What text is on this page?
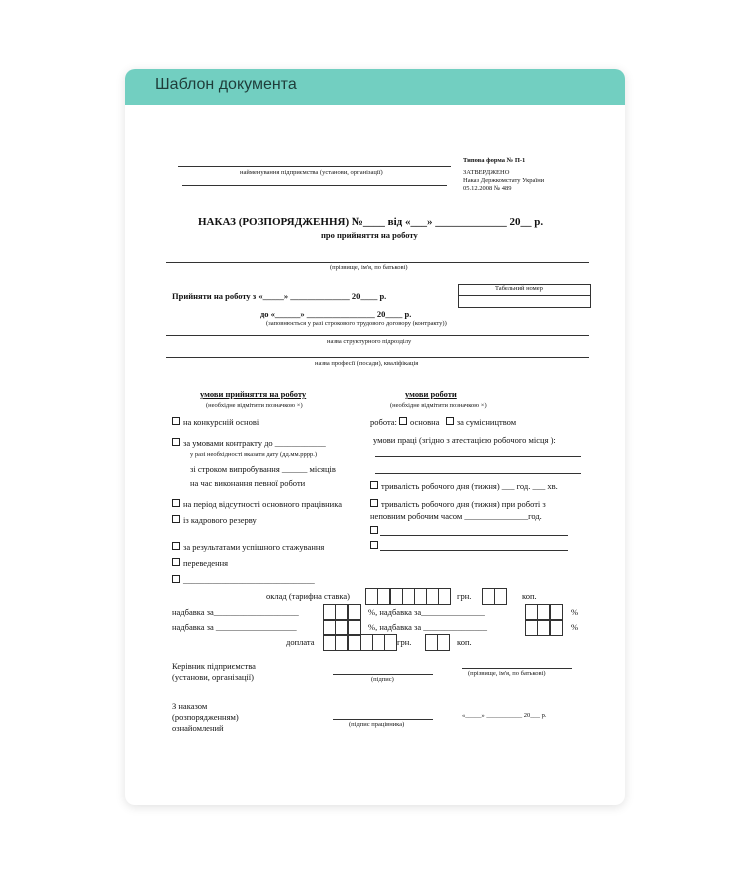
Шаблон документа
найменування підприємства (установи, організації)
Типова форма № П-1
ЗАТВЕРДЖЕНО
Наказ Держкомстату України
05.12.2008 № 489
НАКАЗ (РОЗПОРЯДЖЕННЯ) №____ від «___» _____________ 20__ р.
про прийняття на роботу
(прізвище, ім'я, по батькові)
Табельний номер
Прийняти на роботу з «_____» ______________ 20____ р.
до «______» ________________ 20____ р.
(заповнюється у разі строкового трудового договору (контракту))
назва структурного підрозділу
назва професії (посади), кваліфікація
умови прийняття на роботу
(необхідне відмітити позначкою ×)
на конкурсній основі
за умовами контракту до ____________
у разі необхідності вказати дату (дд.мм.рррр.)
зі строком випробування ______ місяців
на час виконання певної роботи
на період відсутності основного працівника
із кадрового резерву
за результатами успішного стажування
переведення
_______________________________
умови роботи
(необхідне відмітити позначкою ×)
робота: основна за сумісництвом
умови праці (згідно з атестацією робочого місця ):
тривалість робочого дня (тижня) ___ год. ___ хв.
тривалість робочого дня (тижня) при роботі з
неповним робочим часом _______________год.
оклад (тарифна ставка)	грн.	коп.
надбавка за____________________	%, надбавка за_______________	%
надбавка за ___________________	%, надбавка за _______________	%
доплата	грн.	коп.
Керівник підприємства
(установи, організації)	(підпис)
(прізвище, ім'я, по батькові)
З наказом
(розпорядженням)
ознайомлений	(підпис працівника)
«_____» ___________ 20___ р.
